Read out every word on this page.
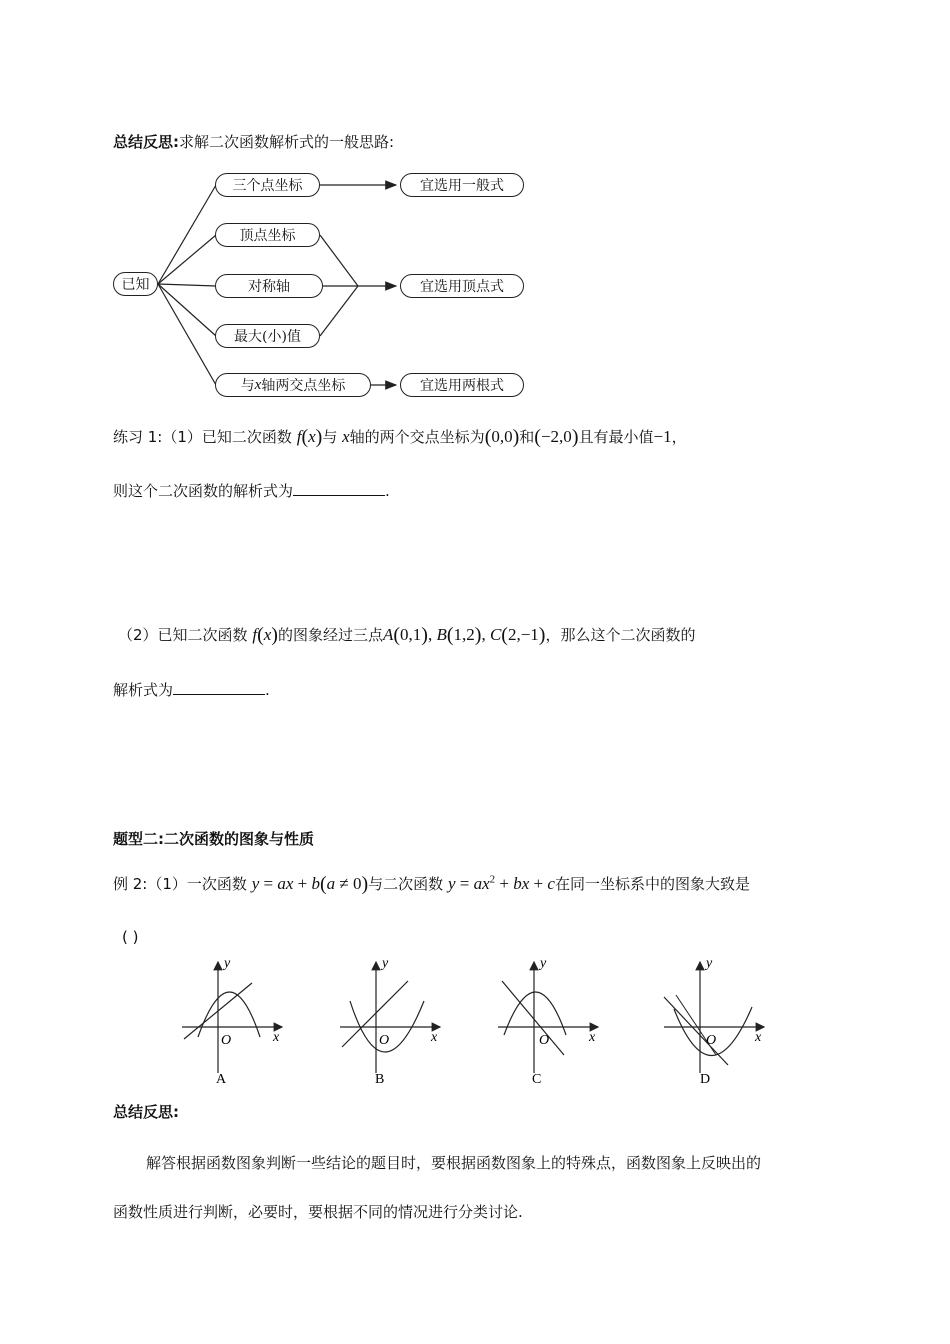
总结反思:求解二次函数解析式的一般思路:
已知
三个点坐标
顶点坐标
对称轴
最大(小)值
与 x 轴两交点坐标
宜选用一般式
宜选用顶点式
宜选用两根式
练习 1:（1）已知二次函数 f(x)与 x轴的两个交点坐标为(0,0)和(−2,0)且有最小值−1，
则这个二次函数的解析式为	.
（2）已知二次函数 f(x)的图象经过三点A(0,1), B(1,2), C(2,−1)，那么这个二次函数的
解析式为	.
题型二:二次函数的图象与性质
例 2:（1）一次函数 y = ax + b(a ≠ 0)与二次函数 $y = ax^2$ + bx + c在同一坐标系中的图象大致是
( )
y
x
O
A
y
x
O
B
y
x
O
C
y
x
O
D
总结反思:
解答根据函数图象判断一些结论的题目时，要根据函数图象上的特殊点，函数图象上反映出的
函数性质进行判断，必要时，要根据不同的情况进行分类讨论.
